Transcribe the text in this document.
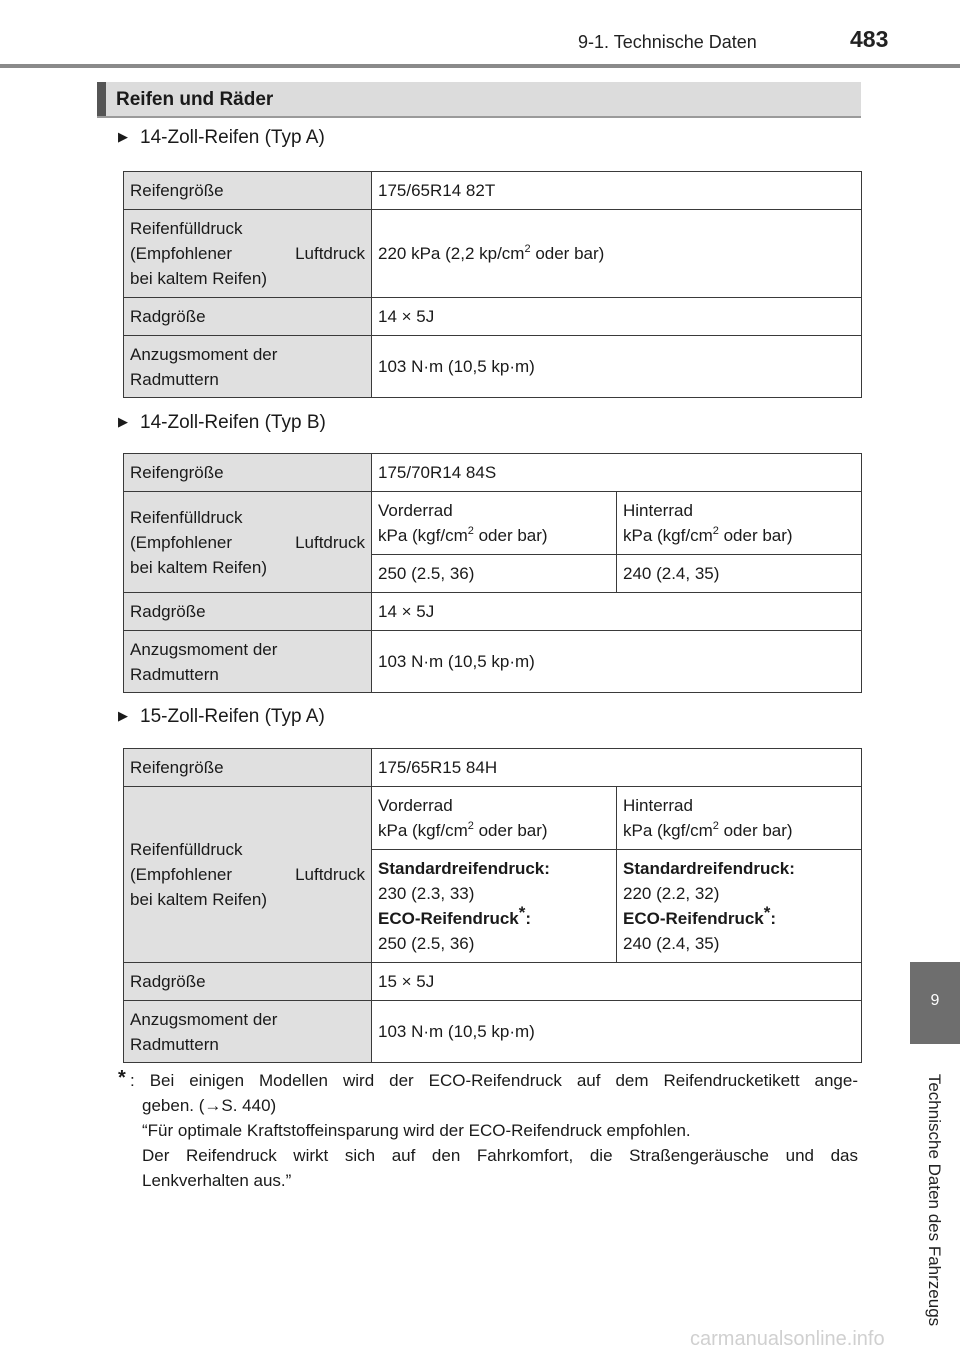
9-1. Technische Daten	483
9
Technische Daten des Fahrzeugs
Reifen und Räder
▶ 14-Zoll-Reifen (Typ A)
Reifengröße	175/65R14 82T

Reifenfülldruck
(Empfohlener Luftdruck
bei kaltem Reifen)	220 kPa (2,2 $kp/cm^2$ oder bar)
Radgröße	14 × 5J

Anzugsmoment der
Radmuttern	103 N·m (10,5 kp·m)
▶ 14-Zoll-Reifen (Typ B)
Reifengröße	175/70R14 84S	

Reifenfülldruck
(Empfohlener Luftdruck
bei kaltem Reifen)	Vorderrad
kPa ($kgf/cm^2$ oder bar)	Hinterrad
kPa ($kgf/cm^2$ oder bar)

	250 (2.5, 36)	240 (2.4, 35)
Radgröße	14 × 5J	

Anzugsmoment der
Radmuttern	103 N·m (10,5 kp·m)	
▶ 15-Zoll-Reifen (Typ A)
Reifengröße	175/65R15 84H	

Reifenfülldruck
(Empfohlener Luftdruck
bei kaltem Reifen)	Vorderrad
kPa ($kgf/cm^2$ oder bar)	Hinterrad
kPa ($kgf/cm^2$ oder bar)

	Standardreifendruck:
230 (2.3, 33)
ECO-Reifendruck*:
250 (2.5, 36)	Standardreifendruck:
220 (2.2, 32)
ECO-Reifendruck*:
240 (2.4, 35)

Radgröße	15 × 5J	

Anzugsmoment der
Radmuttern	103 N·m (10,5 kp·m)	
* : Bei einigen Modellen wird der ECO-Reifendruck auf dem Reifendrucketikett ange-
geben. (→S. 440)
“Für optimale Kraftstoffeinsparung wird der ECO-Reifendruck empfohlen.
Der Reifendruck wirkt sich auf den Fahrkomfort, die Straßengeräusche und das
Lenkverhalten aus.”
carmanualsonline.info
